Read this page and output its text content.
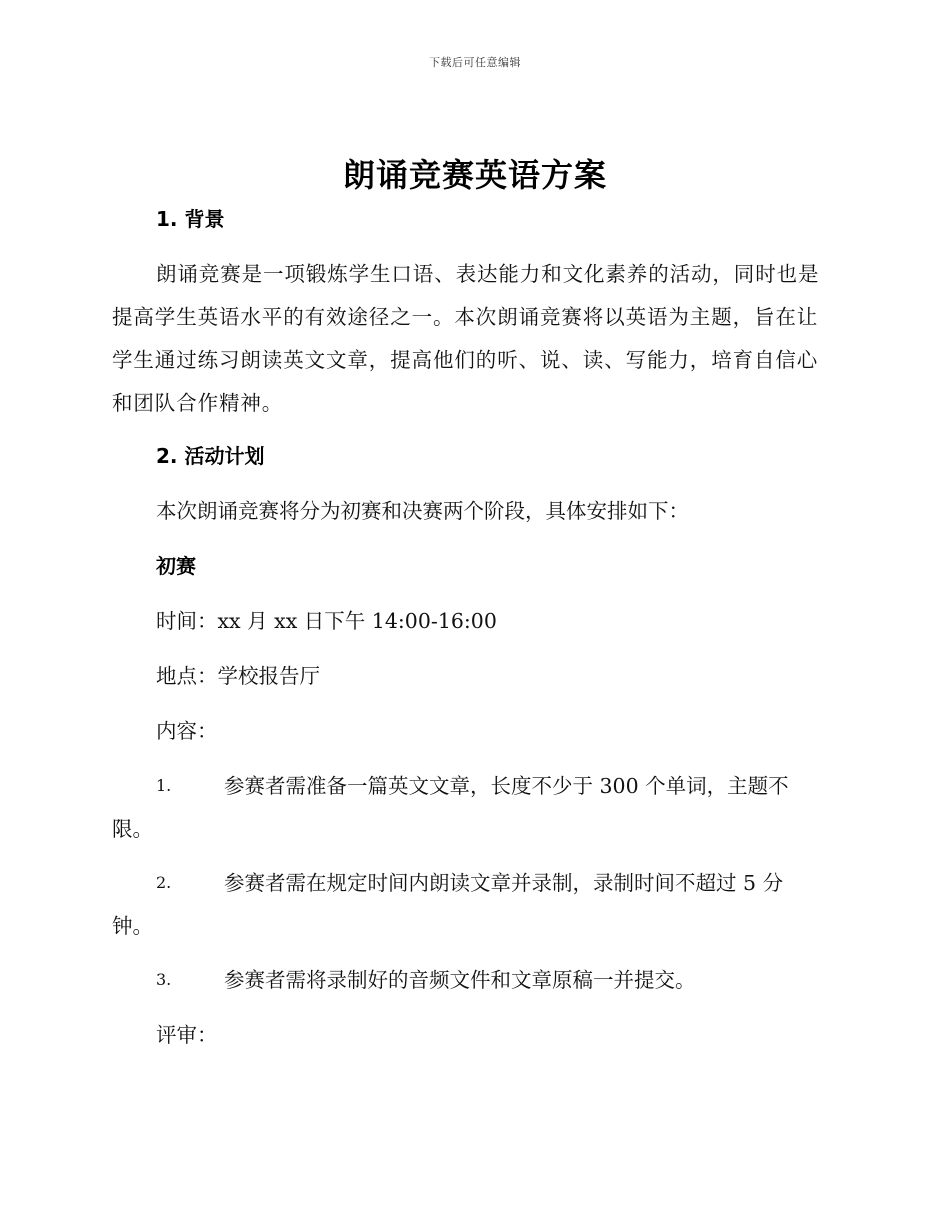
下载后可任意编辑
朗诵竞赛英语方案
1. 背景
朗诵竞赛是一项锻炼学生口语、表达能力和文化素养的活动，同时也是
提高学生英语水平的有效途径之一。本次朗诵竞赛将以英语为主题，旨在让
学生通过练习朗读英文文章，提高他们的听、说、读、写能力，培育自信心
和团队合作精神。
2. 活动计划
本次朗诵竞赛将分为初赛和决赛两个阶段，具体安排如下：
初赛
时间：xx 月 xx 日下午 14:00-16:00
地点：学校报告厅
内容：
1.	参赛者需准备一篇英文文章，长度不少于 300 个单词，主题不
限。
2.	参赛者需在规定时间内朗读文章并录制，录制时间不超过 5 分
钟。
3.	参赛者需将录制好的音频文件和文章原稿一并提交。
评审：
